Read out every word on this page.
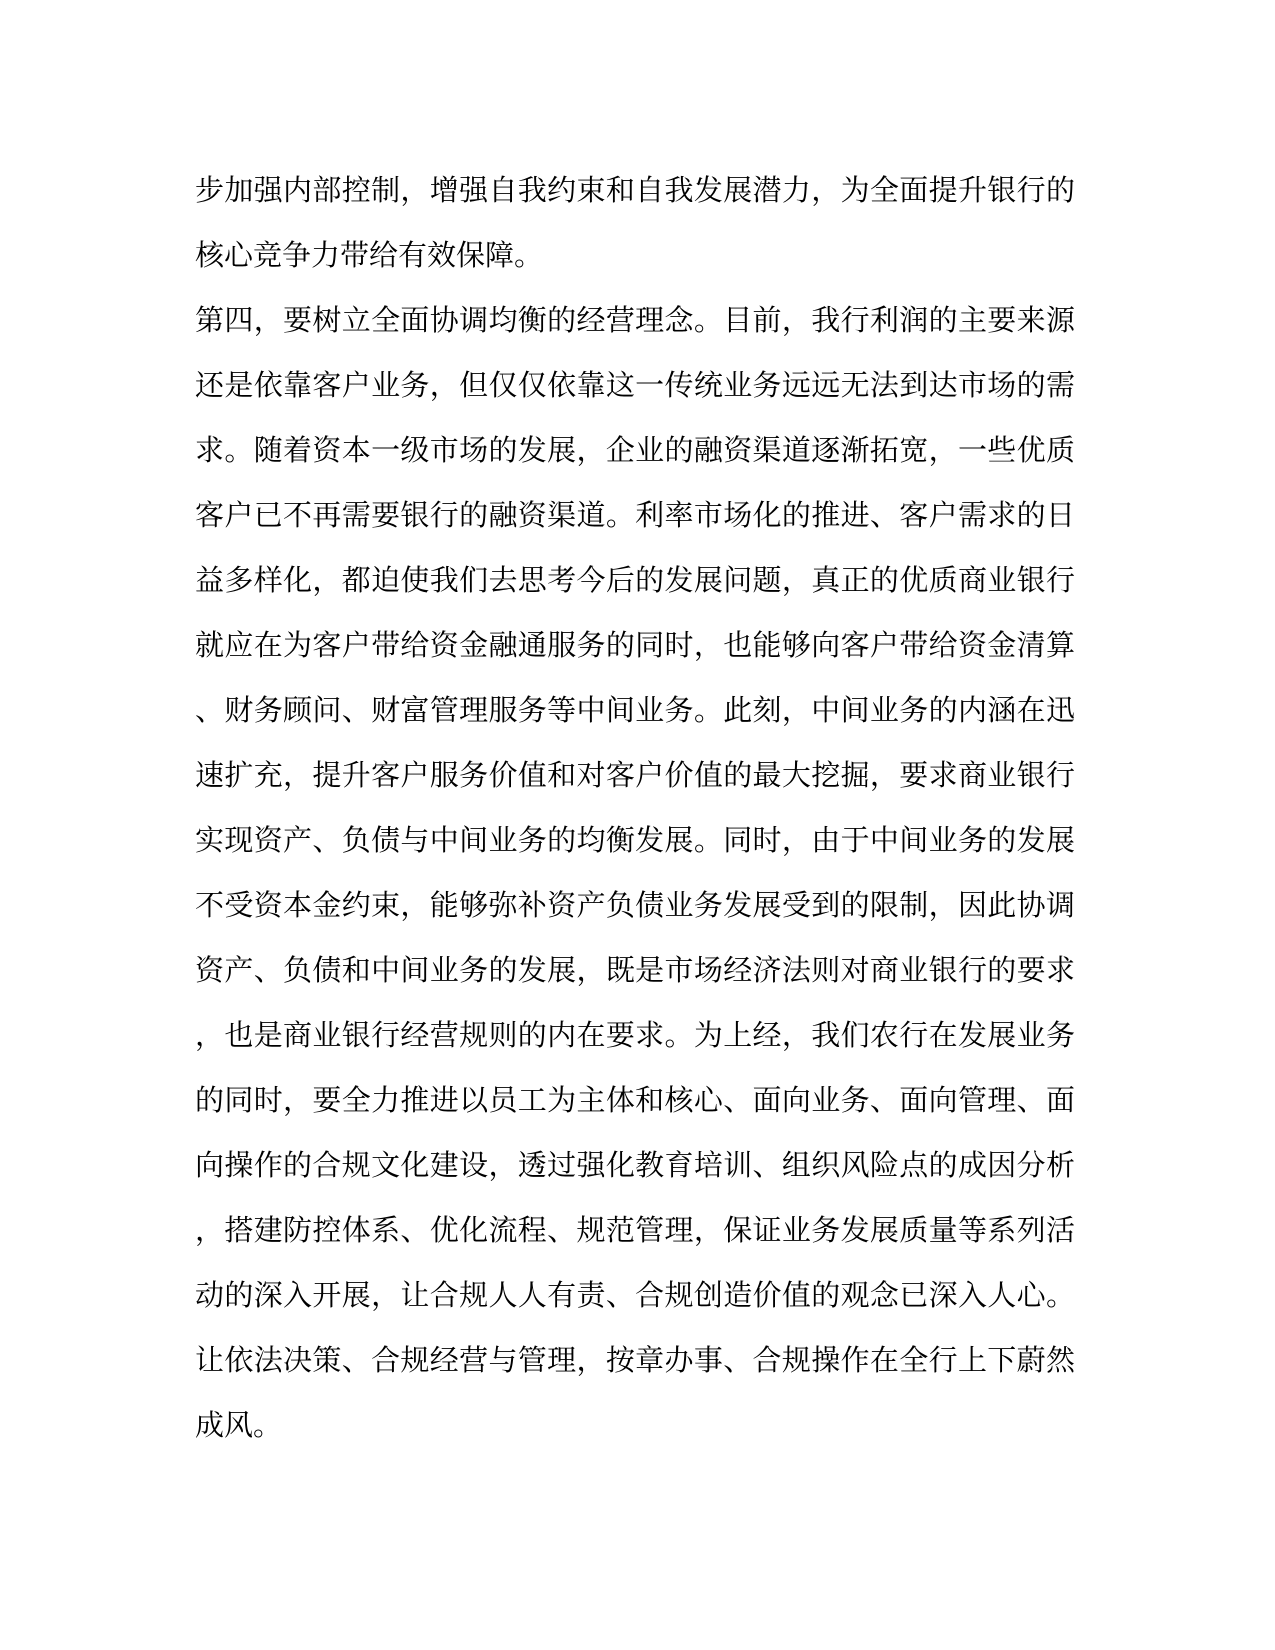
步加强内部控制，增强自我约束和自我发展潜力，为全面提升银行的
核心竞争力带给有效保障。
第四，要树立全面协调均衡的经营理念。目前，我行利润的主要来源
还是依靠客户业务，但仅仅依靠这一传统业务远远无法到达市场的需
求。随着资本一级市场的发展，企业的融资渠道逐渐拓宽，一些优质
客户已不再需要银行的融资渠道。利率市场化的推进、客户需求的日
益多样化，都迫使我们去思考今后的发展问题，真正的优质商业银行
就应在为客户带给资金融通服务的同时，也能够向客户带给资金清算
、财务顾问、财富管理服务等中间业务。此刻，中间业务的内涵在迅
速扩充，提升客户服务价值和对客户价值的最大挖掘，要求商业银行
实现资产、负债与中间业务的均衡发展。同时，由于中间业务的发展
不受资本金约束，能够弥补资产负债业务发展受到的限制，因此协调
资产、负债和中间业务的发展，既是市场经济法则对商业银行的要求
，也是商业银行经营规则的内在要求。为上经，我们农行在发展业务
的同时，要全力推进以员工为主体和核心、面向业务、面向管理、面
向操作的合规文化建设，透过强化教育培训、组织风险点的成因分析
，搭建防控体系、优化流程、规范管理，保证业务发展质量等系列活
动的深入开展，让合规人人有责、合规创造价值的观念已深入人心。
让依法决策、合规经营与管理，按章办事、合规操作在全行上下蔚然
成风。
